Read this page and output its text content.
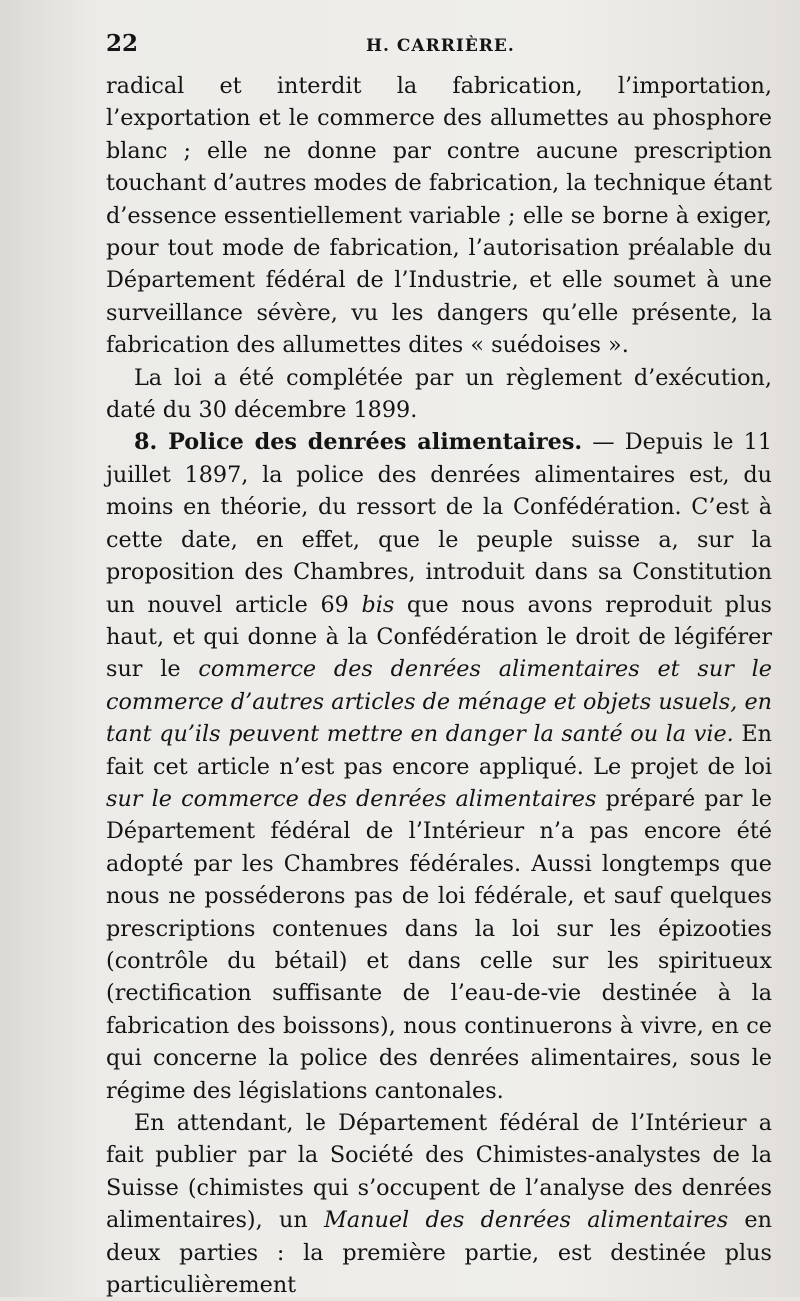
22	H. CARRIÈRE.

radical et interdit la fabrication, l’importation, l’exportation et le commerce des allumettes au phosphore blanc ; elle ne donne par contre aucune prescription touchant d’autres modes de fabrication, la technique étant d’essence essentiellement variable ; elle se borne à exiger, pour tout mode de fabrication, l’autorisation préalable du Département fédéral de l’Industrie, et elle soumet à une surveillance sévère, vu les dangers qu’elle présente, la fabrication des allumettes dites « suédoises ».

La loi a été complétée par un règlement d’exécution, daté du 30 décembre 1899.

8. Police des denrées alimentaires. — Depuis le 11 juillet 1897, la police des denrées alimentaires est, du moins en théorie, du ressort de la Confédération. C’est à cette date, en effet, que le peuple suisse a, sur la proposition des Chambres, introduit dans sa Constitution un nouvel article 69 bis que nous avons reproduit plus haut, et qui donne à la Confédération le droit de légiférer sur le commerce des denrées alimentaires et sur le commerce d’autres articles de ménage et objets usuels, en tant qu’ils peuvent mettre en danger la santé ou la vie. En fait cet article n’est pas encore appliqué. Le projet de loi sur le commerce des denrées alimentaires préparé par le Département fédéral de l’Intérieur n’a pas encore été adopté par les Chambres fédérales. Aussi longtemps que nous ne posséderons pas de loi fédérale, et sauf quelques prescriptions contenues dans la loi sur les épizooties (contrôle du bétail) et dans celle sur les spiritueux (rectification suffisante de l’eau-de-vie destinée à la fabrication des boissons), nous continuerons à vivre, en ce qui concerne la police des denrées alimentaires, sous le régime des législations cantonales.

En attendant, le Département fédéral de l’Intérieur a fait publier par la Société des Chimistes-analystes de la Suisse (chimistes qui s’occupent de l’analyse des denrées alimentaires), un Manuel des denrées alimentaires en deux parties : la première partie, est destinée plus particulièrement
